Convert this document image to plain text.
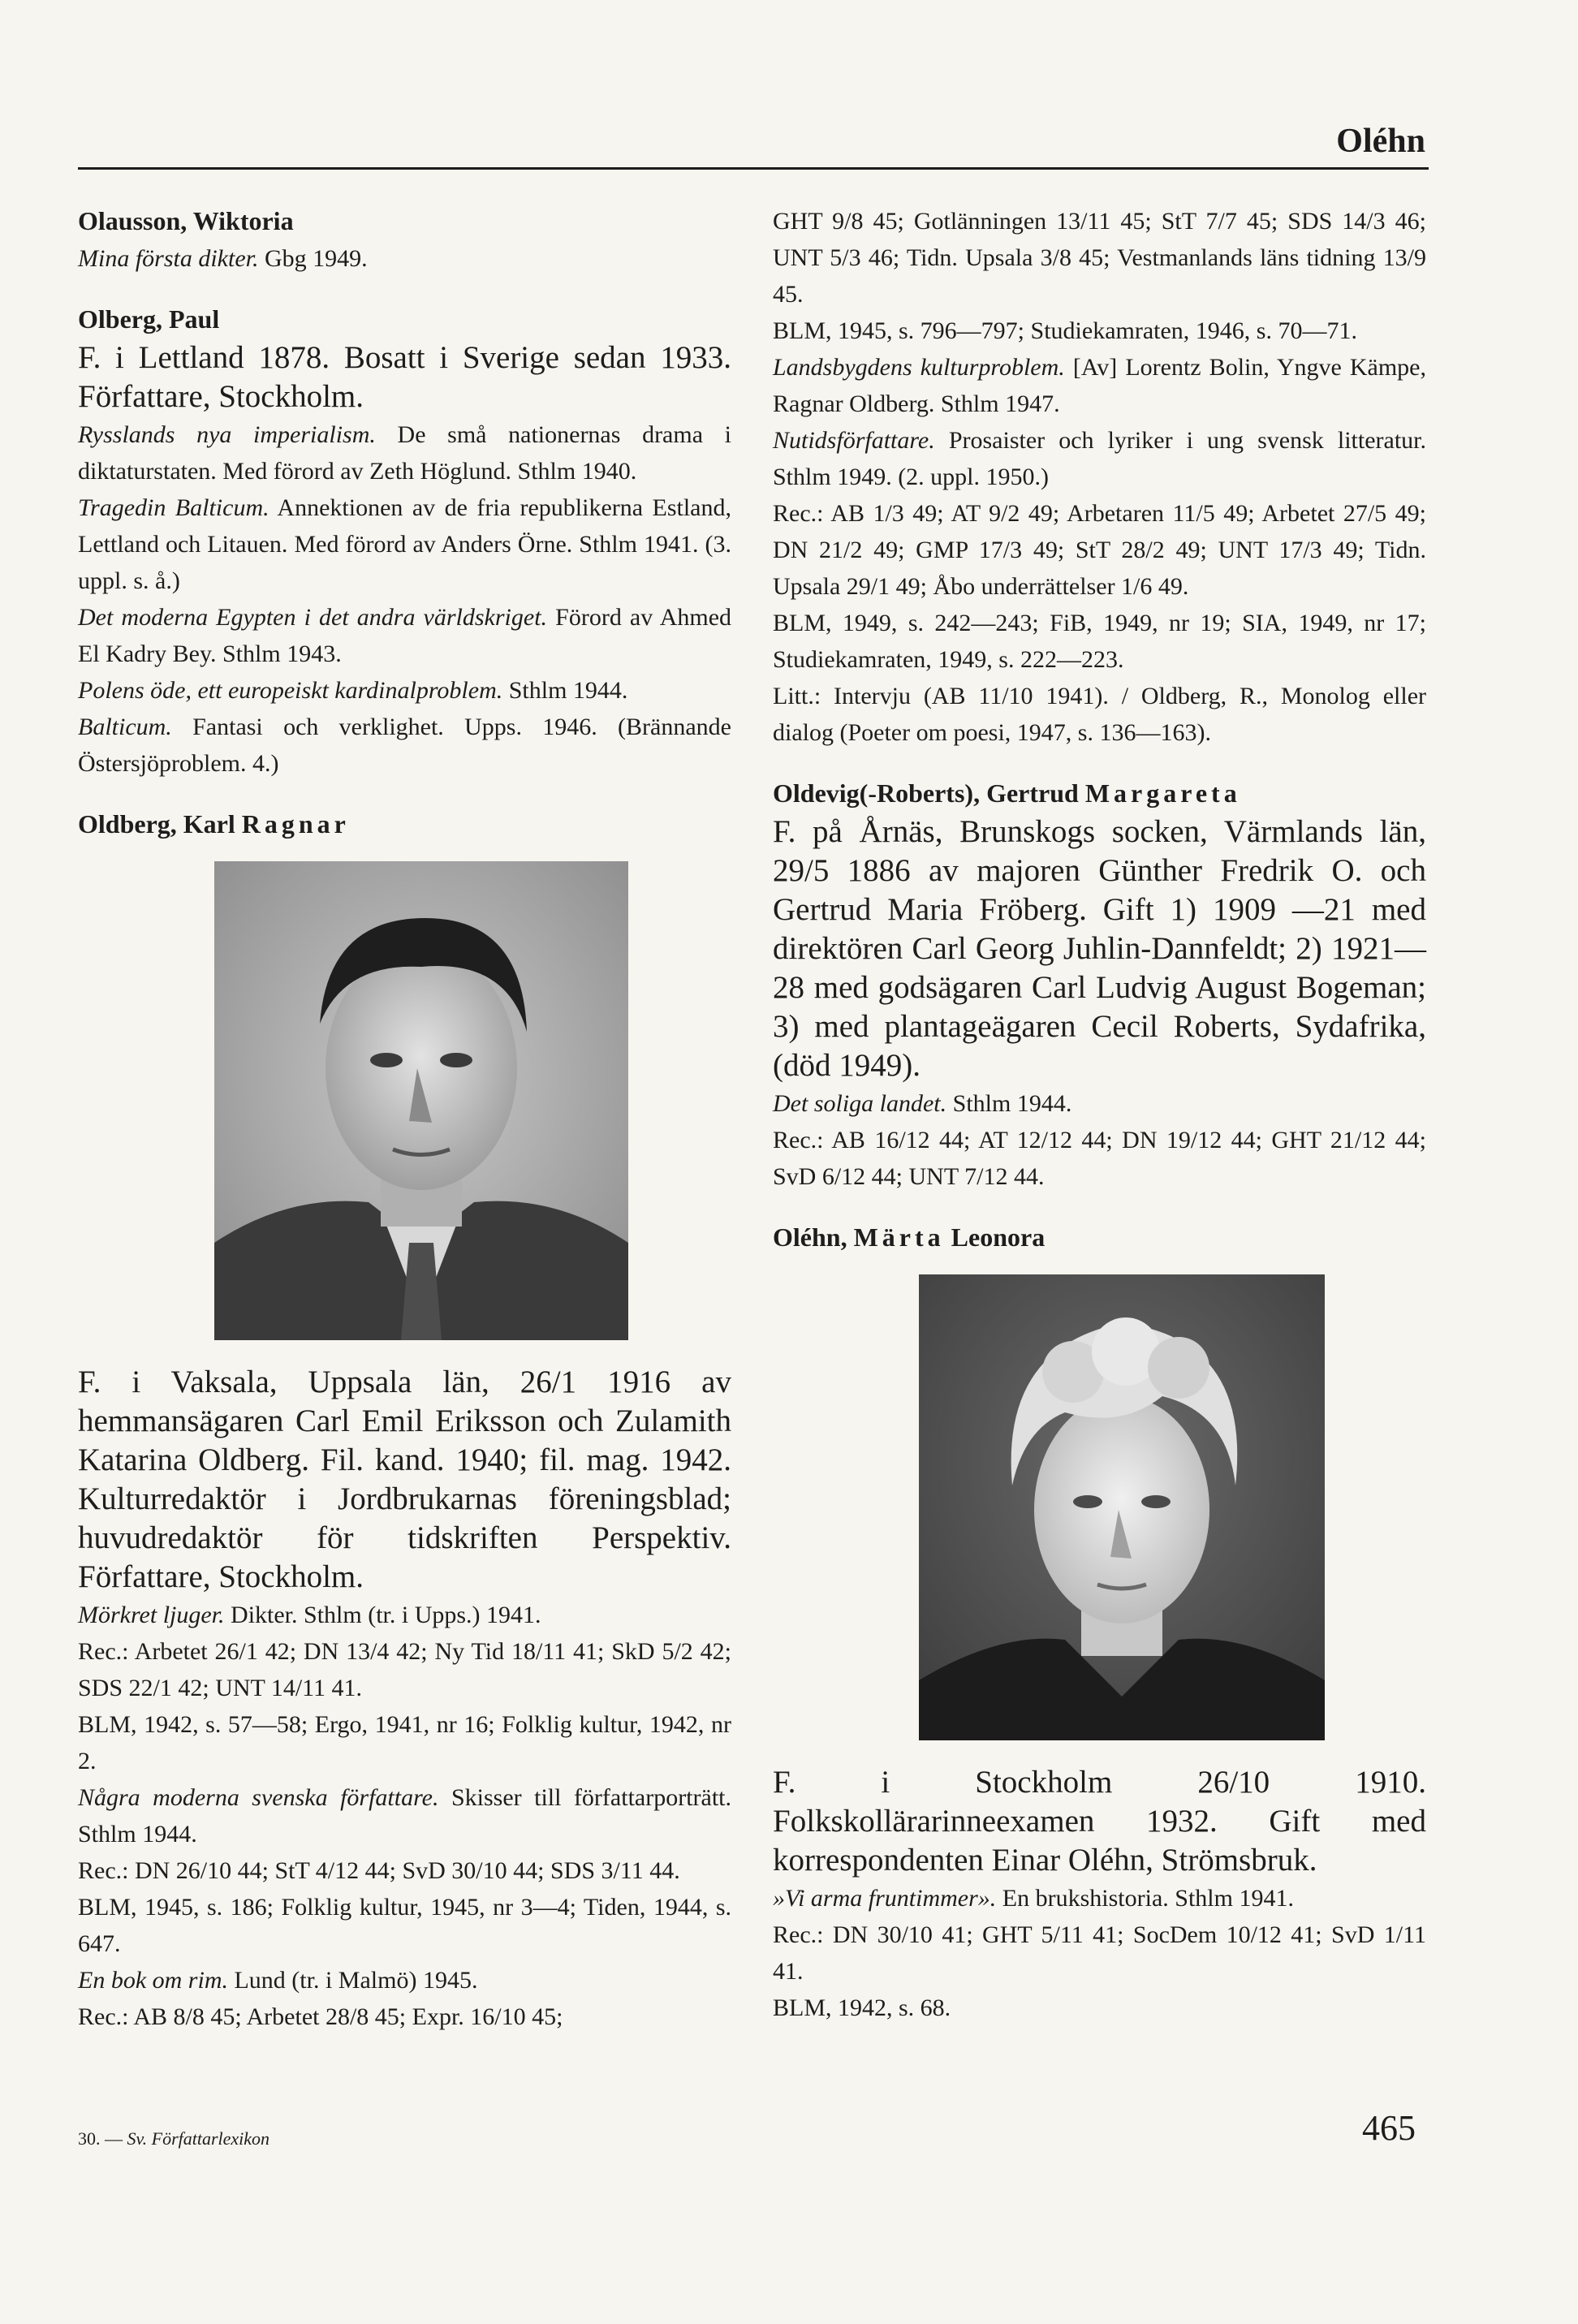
Oléhn

Olausson, Wiktoria

Mina första dikter. Gbg 1949.

Olberg, Paul

F. i Lettland 1878. Bosatt i Sverige sedan 1933. Författare, Stockholm.

Rysslands nya imperialism. De små nationernas drama i diktaturstaten. Med förord av Zeth Höglund. Sthlm 1940.

Tragedin Balticum. Annektionen av de fria republikerna Estland, Lettland och Litauen. Med förord av Anders Örne. Sthlm 1941. (3. uppl. s. å.)

Det moderna Egypten i det andra världskriget. Förord av Ahmed El Kadry Bey. Sthlm 1943.

Polens öde, ett europeiskt kardinalproblem. Sthlm 1944.

Balticum. Fantasi och verklighet. Upps. 1946. (Brännande Östersjöproblem. 4.)

Oldberg, Karl Ragnar

F. i Vaksala, Uppsala län, 26/1 1916 av hemmansägaren Carl Emil Eriksson och Zulamith Katarina Oldberg. Fil. kand. 1940; fil. mag. 1942. Kulturredaktör i Jordbrukarnas föreningsblad; huvudredaktör för tidskriften Perspektiv. Författare, Stockholm.

Mörkret ljuger. Dikter. Sthlm (tr. i Upps.) 1941.

Rec.: Arbetet 26/1 42; DN 13/4 42; Ny Tid 18/11 41; SkD 5/2 42; SDS 22/1 42; UNT 14/11 41.

BLM, 1942, s. 57—58; Ergo, 1941, nr 16; Folklig kultur, 1942, nr 2.

Några moderna svenska författare. Skisser till författarporträtt. Sthlm 1944.

Rec.: DN 26/10 44; StT 4/12 44; SvD 30/10 44; SDS 3/11 44.

BLM, 1945, s. 186; Folklig kultur, 1945, nr 3—4; Tiden, 1944, s. 647.

En bok om rim. Lund (tr. i Malmö) 1945.

Rec.: AB 8/8 45; Arbetet 28/8 45; Expr. 16/10 45;

GHT 9/8 45; Gotlänningen 13/11 45; StT 7/7 45; SDS 14/3 46; UNT 5/3 46; Tidn. Upsala 3/8 45; Vestmanlands läns tidning 13/9 45.

BLM, 1945, s. 796—797; Studiekamraten, 1946, s. 70—71.

Landsbygdens kulturproblem. [Av] Lorentz Bolin, Yngve Kämpe, Ragnar Oldberg. Sthlm 1947.

Nutidsförfattare. Prosaister och lyriker i ung svensk litteratur. Sthlm 1949. (2. uppl. 1950.)

Rec.: AB 1/3 49; AT 9/2 49; Arbetaren 11/5 49; Arbetet 27/5 49; DN 21/2 49; GMP 17/3 49; StT 28/2 49; UNT 17/3 49; Tidn. Upsala 29/1 49; Åbo underrättelser 1/6 49.

BLM, 1949, s. 242—243; FiB, 1949, nr 19; SIA, 1949, nr 17; Studiekamraten, 1949, s. 222—223.

Litt.: Intervju (AB 11/10 1941). / Oldberg, R., Monolog eller dialog (Poeter om poesi, 1947, s. 136—163).

Oldevig(-Roberts), Gertrud Margareta

F. på Årnäs, Brunskogs socken, Värmlands län, 29/5 1886 av majoren Günther Fredrik O. och Gertrud Maria Fröberg. Gift 1) 1909 —21 med direktören Carl Georg Juhlin-Dannfeldt; 2) 1921—28 med godsägaren Carl Ludvig August Bogeman; 3) med plantageägaren Cecil Roberts, Sydafrika, (död 1949).

Det soliga landet. Sthlm 1944.

Rec.: AB 16/12 44; AT 12/12 44; DN 19/12 44; GHT 21/12 44; SvD 6/12 44; UNT 7/12 44.

Oléhn, Märta Leonora

F. i Stockholm 26/10 1910. Folkskollärarinneexamen 1932. Gift med korrespondenten Einar Oléhn, Strömsbruk.

»Vi arma fruntimmer». En brukshistoria. Sthlm 1941.

Rec.: DN 30/10 41; GHT 5/11 41; SocDem 10/12 41; SvD 1/11 41.

BLM, 1942, s. 68.

30. — Sv. Författarlexikon	465
